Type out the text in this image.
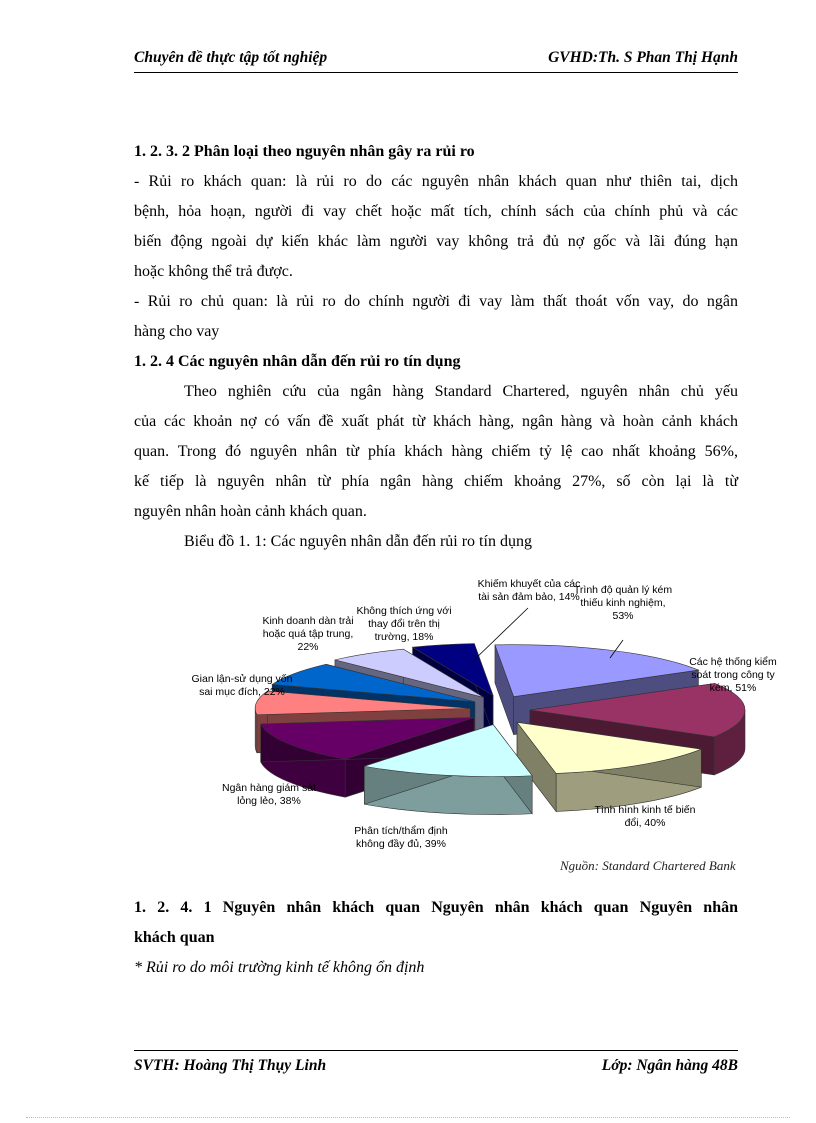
Chuyên đề thực tập tốt nghiệp	GVHD:Th. S Phan Thị Hạnh
1. 2. 3. 2 Phân loại theo nguyên nhân gây ra rủi ro
- Rủi ro khách quan: là rủi ro do các nguyên nhân khách quan như thiên tai, dịch
bệnh, hỏa hoạn, người đi vay chết hoặc mất tích, chính sách của chính phủ và các
biến động ngoài dự kiến khác làm người vay không trả đủ nợ gốc và lãi đúng hạn
hoặc không thể trả được.
- Rủi ro chủ quan: là rủi ro do chính người đi vay làm thất thoát vốn vay, do ngân
hàng cho vay
1. 2. 4 Các nguyên nhân dẫn đến rủi ro tín dụng
Theo nghiên cứu của ngân hàng Standard Chartered, nguyên nhân chủ yếu
của các khoản nợ có vấn đề xuất phát từ khách hàng, ngân hàng và hoàn cảnh khách
quan. Trong đó nguyên nhân từ phía khách hàng chiếm tỷ lệ cao nhất khoảng 56%,
kế tiếp là nguyên nhân từ phía ngân hàng chiếm khoảng 27%, số còn lại là từ
nguyên nhân hoàn cảnh khách quan.
Biểu đồ 1. 1: Các nguyên nhân dẫn đến rủi ro tín dụng
Trình độ quản lý kém thiếu kinh nghiệm, 53%
Các hệ thống kiểm soát trong công ty kém, 51%
Tình hình kinh tế biến đổi, 40%
Phân tích/thẩm định không đầy đủ, 39%
Ngân hàng giám sát lỏng lẻo, 38%
Gian lận-sử dụng vốn sai mục đích, 22%
Kinh doanh dàn trải hoặc quá tập trung, 22%
Không thích ứng với thay đổi trên thị trường, 18%
Khiếm khuyết của các tài sản đảm bảo, 14%
Nguồn: Standard Chartered Bank
1. 2. 4. 1 Nguyên nhân khách quan Nguyên nhân khách quan Nguyên nhân
khách quan
* Rủi ro do môi trường kinh tế không ổn định
SVTH: Hoàng Thị Thụy Linh	Lớp: Ngân hàng 48B
